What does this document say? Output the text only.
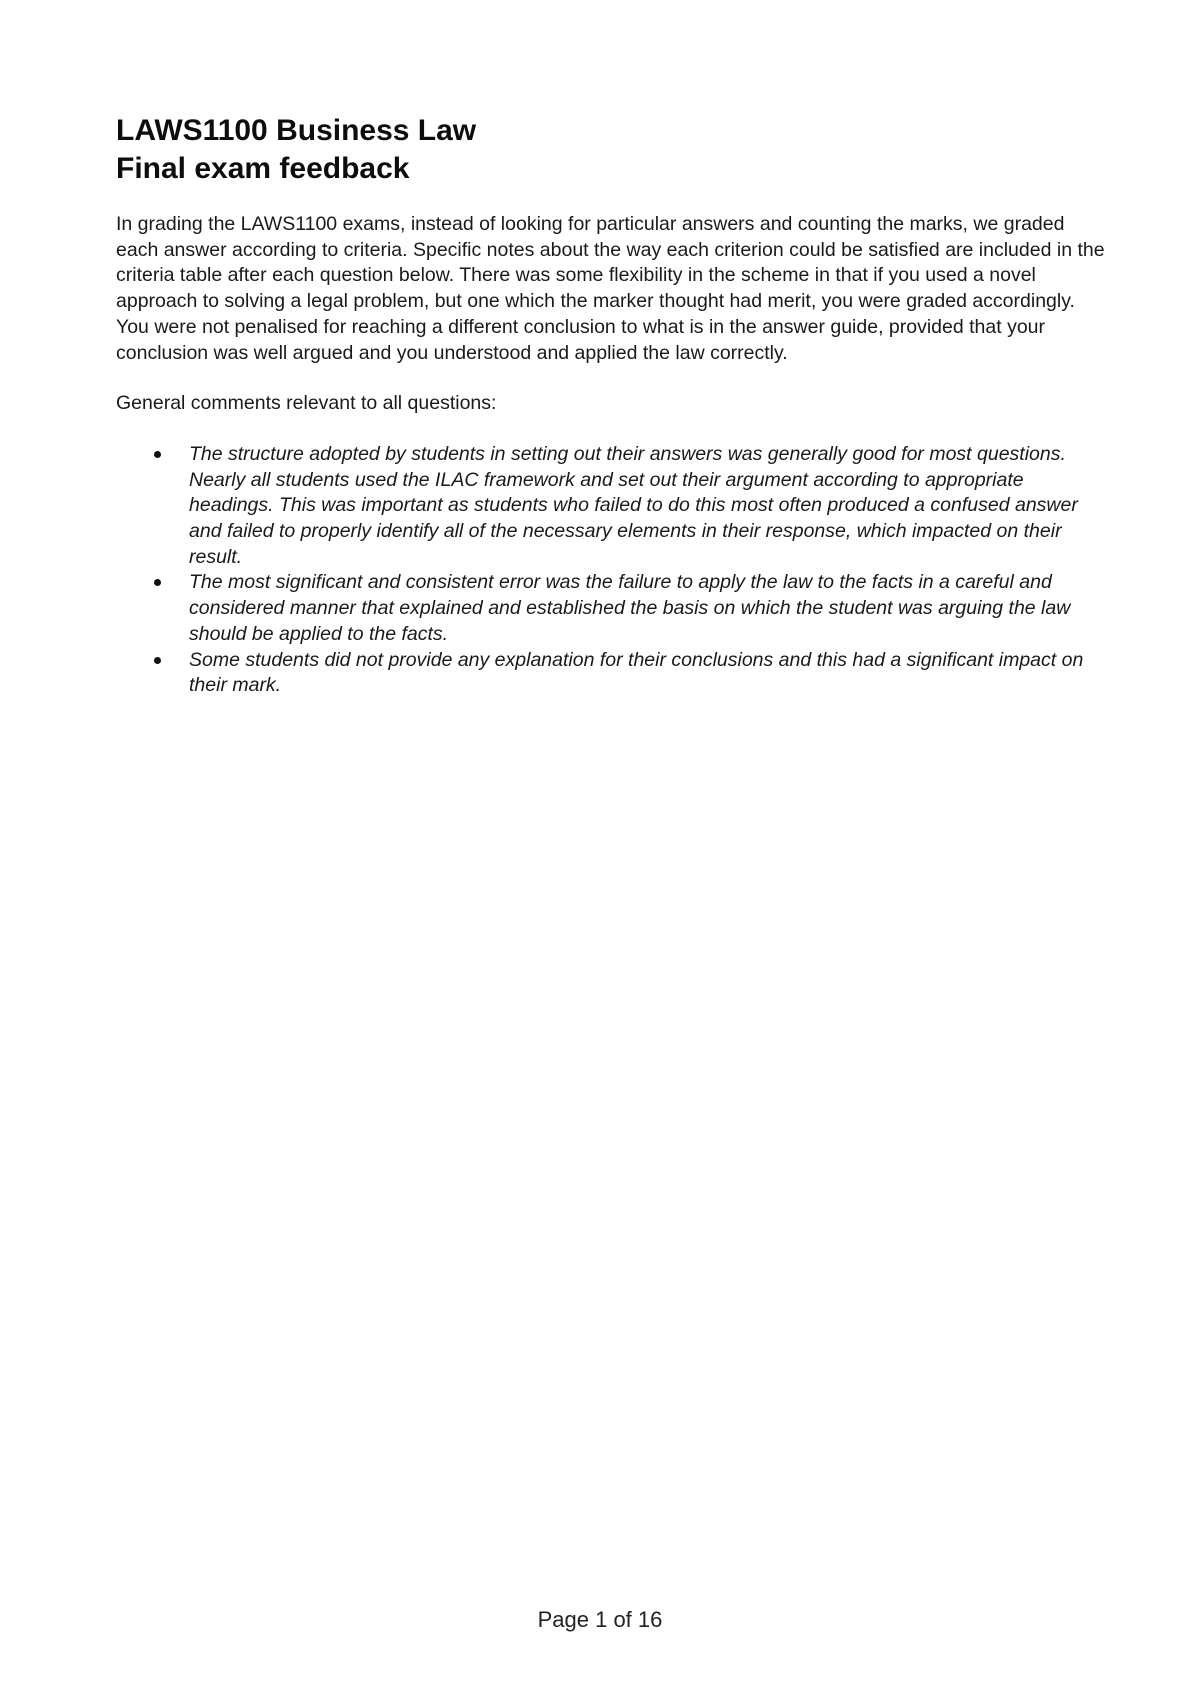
LAWS1100 Business Law
Final exam feedback

In grading the LAWS1100 exams, instead of looking for particular answers and counting the marks, we graded each answer according to criteria. Specific notes about the way each criterion could be satisfied are included in the criteria table after each question below. There was some flexibility in the scheme in that if you used a novel approach to solving a legal problem, but one which the marker thought had merit, you were graded accordingly. You were not penalised for reaching a different conclusion to what is in the answer guide, provided that your conclusion was well argued and you understood and applied the law correctly.

General comments relevant to all questions:

The structure adopted by students in setting out their answers was generally good for most questions. Nearly all students used the ILAC framework and set out their argument according to appropriate headings. This was important as students who failed to do this most often produced a confused answer and failed to properly identify all of the necessary elements in their response, which impacted on their result.
The most significant and consistent error was the failure to apply the law to the facts in a careful and considered manner that explained and established the basis on which the student was arguing the law should be applied to the facts.
Some students did not provide any explanation for their conclusions and this had a significant impact on their mark.
Page 1 of 16
